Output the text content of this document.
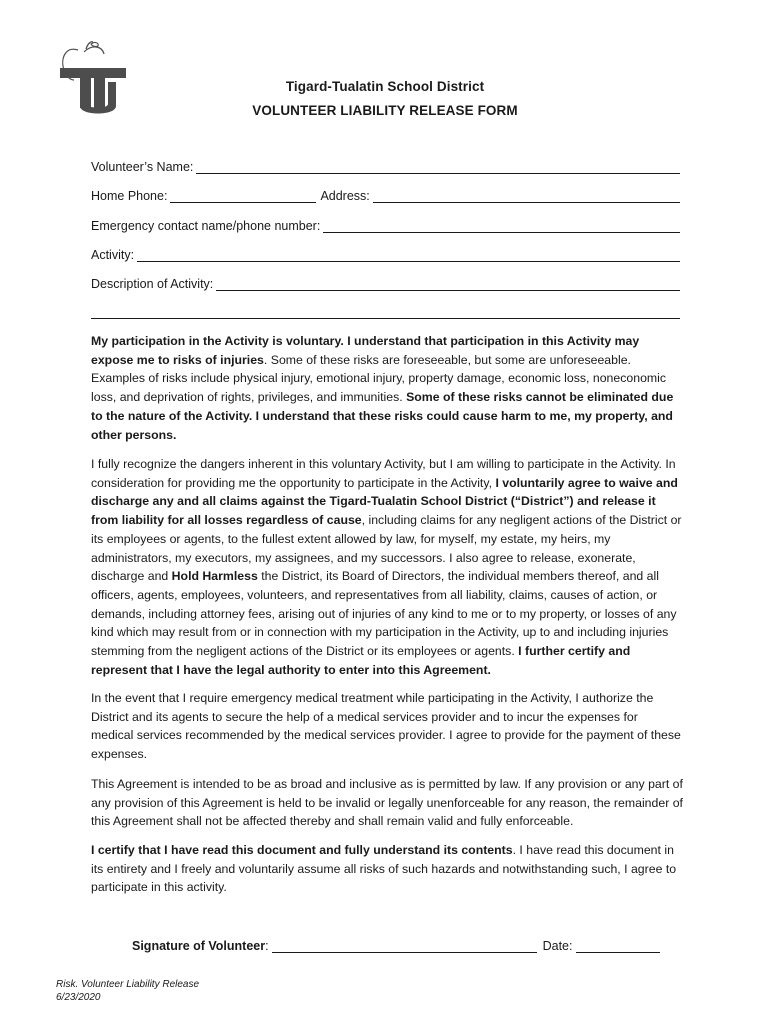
Tigard-Tualatin School District
VOLUNTEER LIABILITY RELEASE FORM
Volunteer’s Name:
Home Phone:	Address:
Emergency contact name/phone number:
Activity:
Description of Activity:
My participation in the Activity is voluntary. I understand that participation in this Activity may expose me to risks of injuries. Some of these risks are foreseeable, but some are unforeseeable. Examples of risks include physical injury, emotional injury, property damage, economic loss, noneconomic loss, and deprivation of rights, privileges, and immunities. Some of these risks cannot be eliminated due to the nature of the Activity. I understand that these risks could cause harm to me, my property, and other persons.
I fully recognize the dangers inherent in this voluntary Activity, but I am willing to participate in the Activity. In consideration for providing me the opportunity to participate in the Activity, I voluntarily agree to waive and discharge any and all claims against the Tigard-Tualatin School District (“District”) and release it from liability for all losses regardless of cause, including claims for any negligent actions of the District or its employees or agents, to the fullest extent allowed by law, for myself, my estate, my heirs, my administrators, my executors, my assignees, and my successors. I also agree to release, exonerate, discharge and Hold Harmless the District, its Board of Directors, the individual members thereof, and all officers, agents, employees, volunteers, and representatives from all liability, claims, causes of action, or demands, including attorney fees, arising out of injuries of any kind to me or to my property, or losses of any kind which may result from or in connection with my participation in the Activity, up to and including injuries stemming from the negligent actions of the District or its employees or agents. I further certify and represent that I have the legal authority to enter into this Agreement.
In the event that I require emergency medical treatment while participating in the Activity, I authorize the District and its agents to secure the help of a medical services provider and to incur the expenses for medical services recommended by the medical services provider. I agree to provide for the payment of these expenses.
This Agreement is intended to be as broad and inclusive as is permitted by law. If any provision or any part of any provision of this Agreement is held to be invalid or legally unenforceable for any reason, the remainder of this Agreement shall not be affected thereby and shall remain valid and fully enforceable.
I certify that I have read this document and fully understand its contents. I have read this document in its entirety and I freely and voluntarily assume all risks of such hazards and notwithstanding such, I agree to participate in this activity.
Signature of Volunteer :	Date:
Risk. Volunteer Liability Release
6/23/2020
